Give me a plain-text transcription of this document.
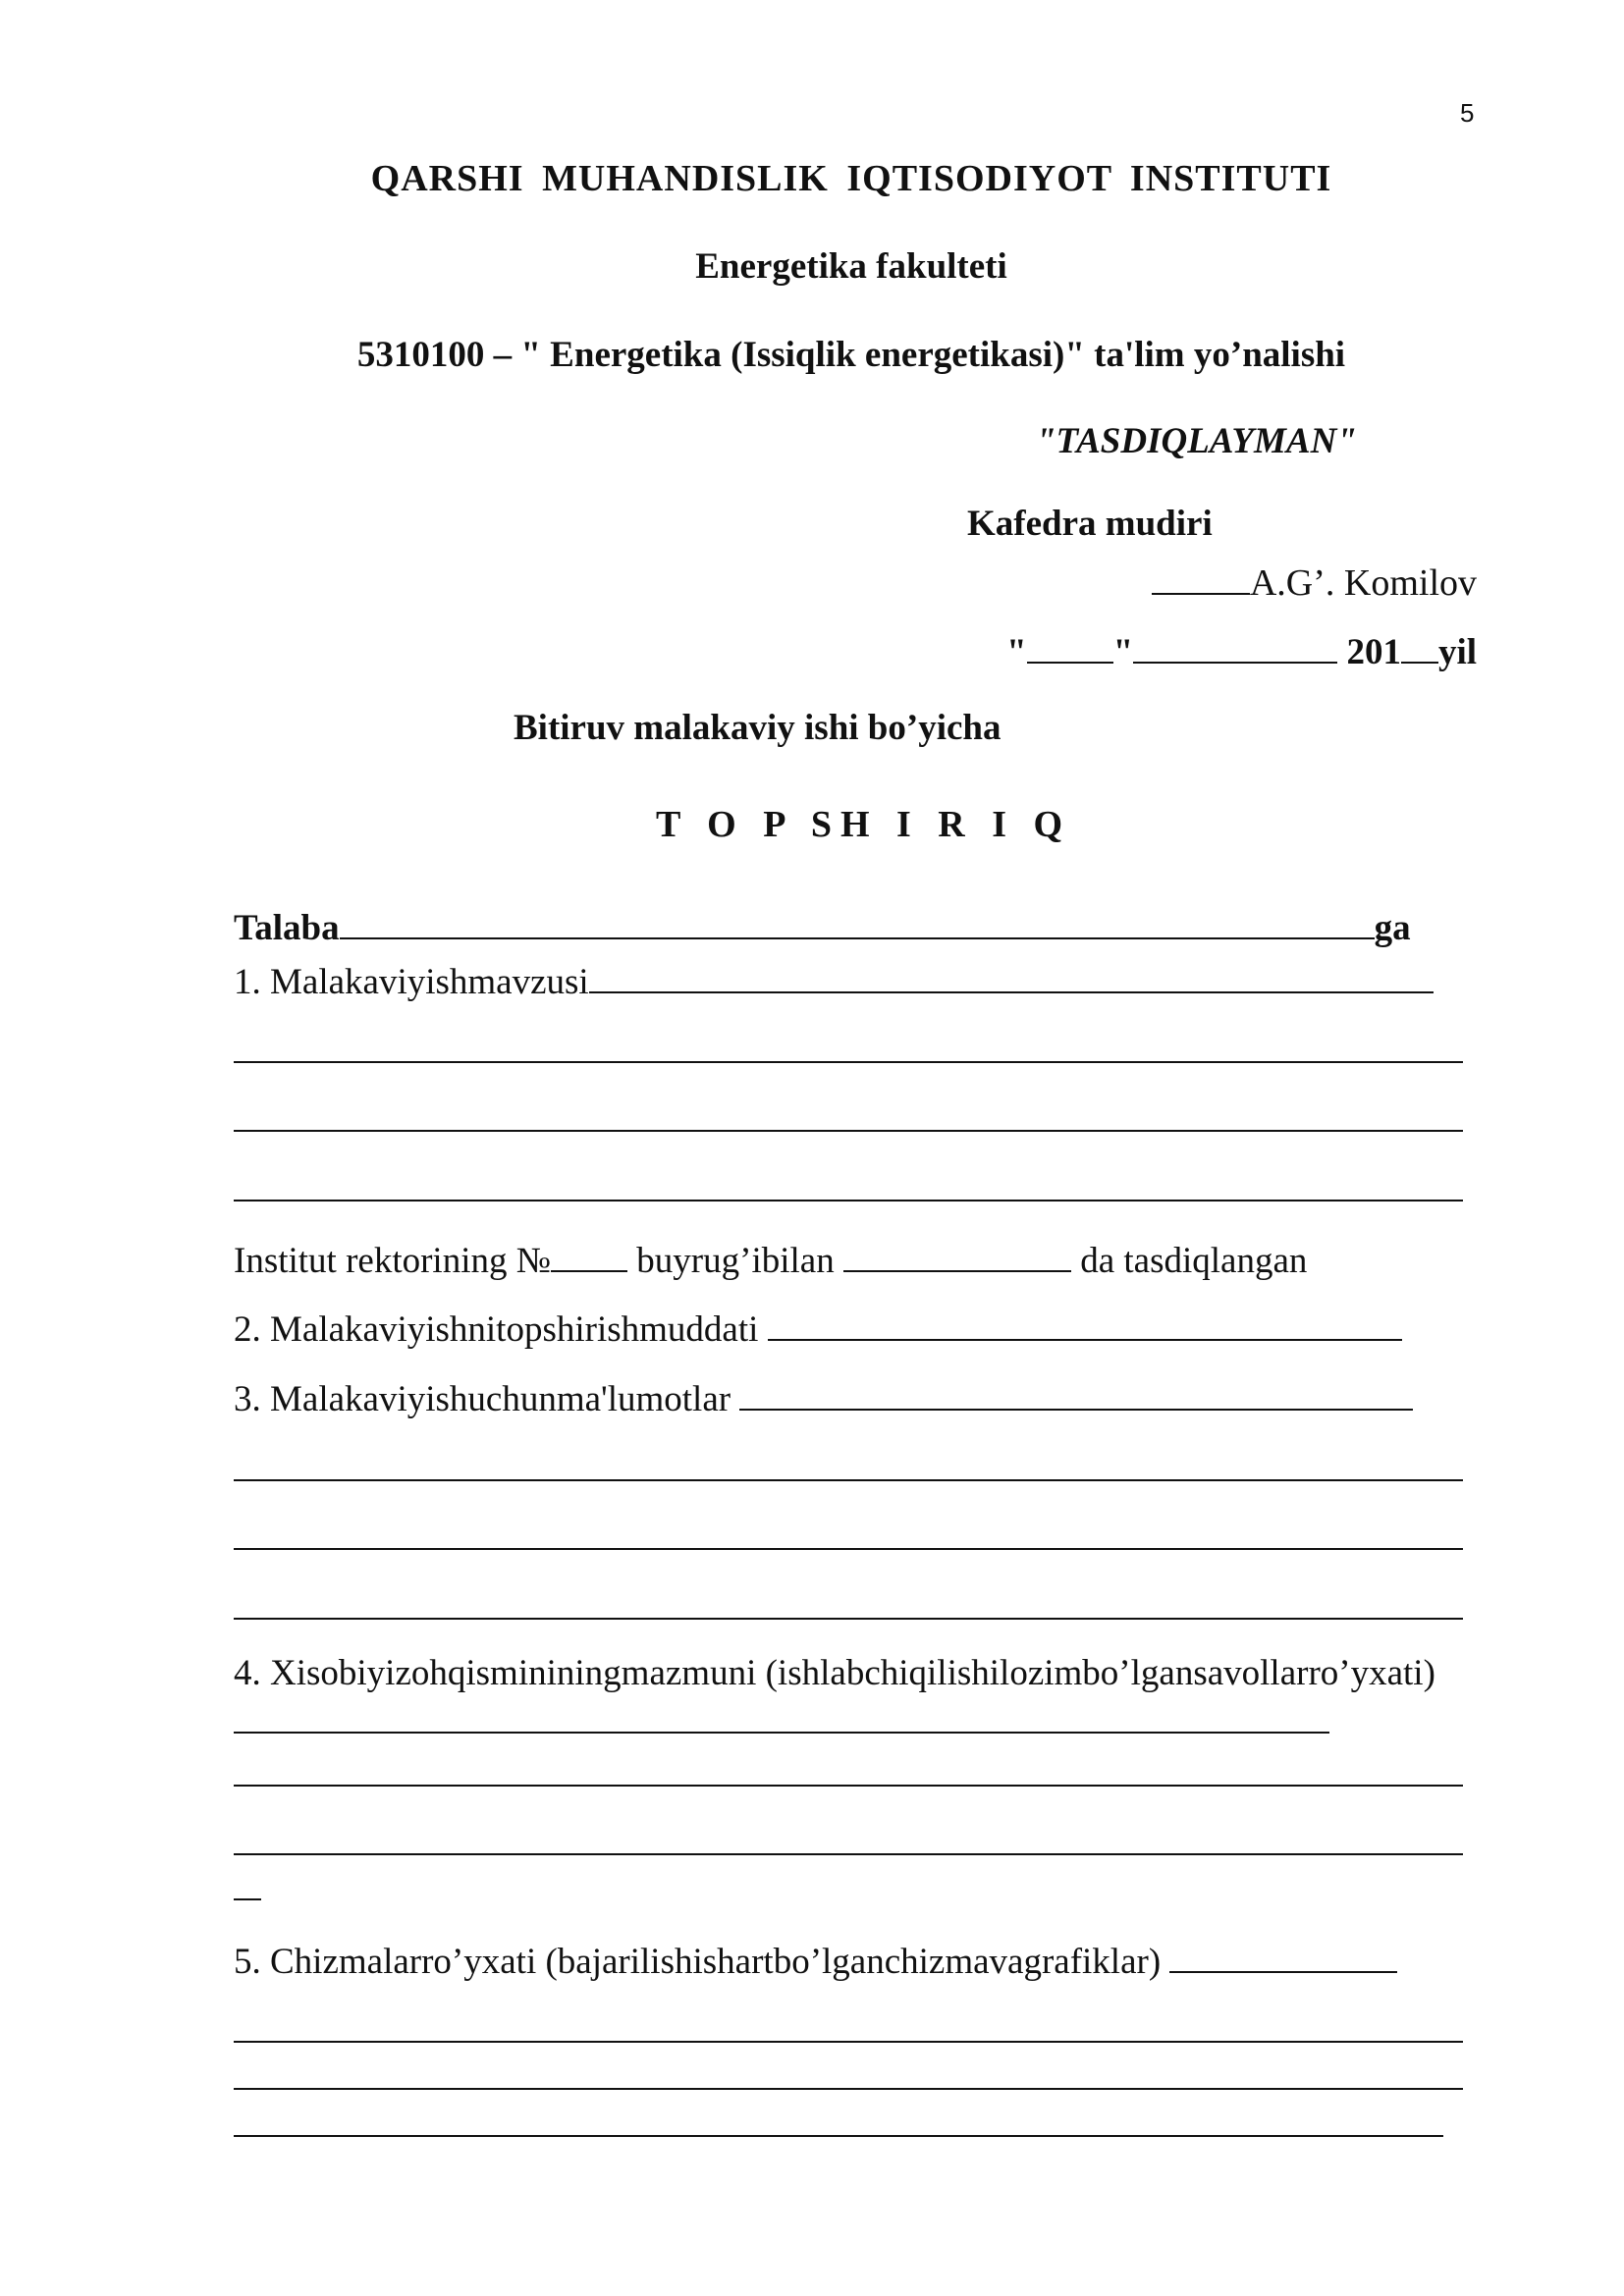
5
QARSHI MUHANDISLIK IQTISODIYOT INSTITUTI
Energetika fakulteti
5310100 – " Energetika (Issiqlik energetikasi)" ta'lim yo’nalishi
"TASDIQLAYMAN"
Kafedra mudiri
A.G’. Komilov
" "	201 yil
Bitiruv malakaviy ishi bo’yicha
T O P SH I R I Q
Talaba	ga
1. Malakaviyishmavzusi
Institut rektorining № buyrug’ibilan	da tasdiqlangan
2. Malakaviyishnitopshirishmuddati
3. Malakaviyishuchunma'lumotlar
4. Xisobiyizohqismininingmazmuni (ishlabchiqilishilozimbo’lgansavollarro’yxati)
5. Chizmalarro’yxati (bajarilishishartbo’lganchizmavagrafiklar)
